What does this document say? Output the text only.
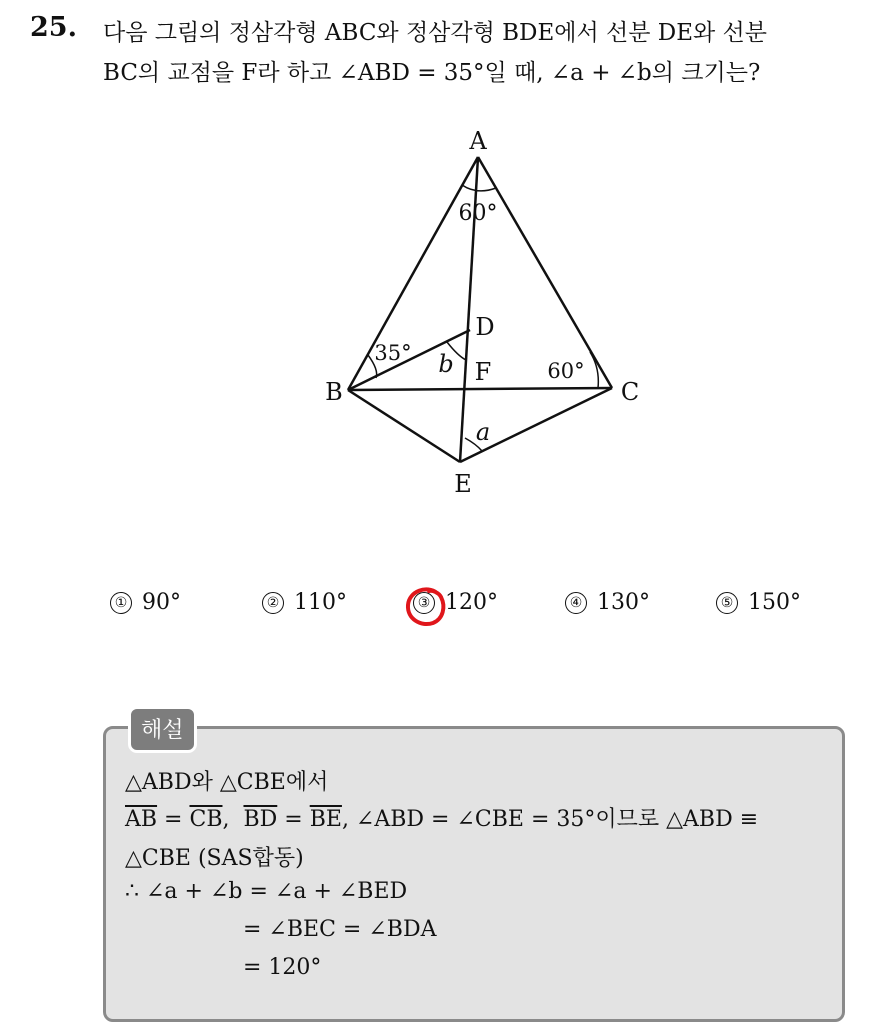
25. 다음 그림의 정삼각형 ABC와 정삼각형 BDE에서 선분 DE와 선분
BC의 교점을 F라 하고 ∠ABD = 35°일 때, ∠a + ∠b의 크기는?
A
B	C
D
E
F
60°
60°
35° b
a
① 90°	② 110°	③ 120°	④ 130°	⑤ 150°
해설
△ABD와 △CBE에서
$\overline{AB} = \overline{CB}$,  $\overline{BD} = \overline{BE}$, ∠ABD = ∠CBE = 35°이므로 △ABD ≡
△CBE (SAS합동)
∴ ∠a + ∠b = ∠a + ∠BED
= ∠BEC = ∠BDA
= 120°
